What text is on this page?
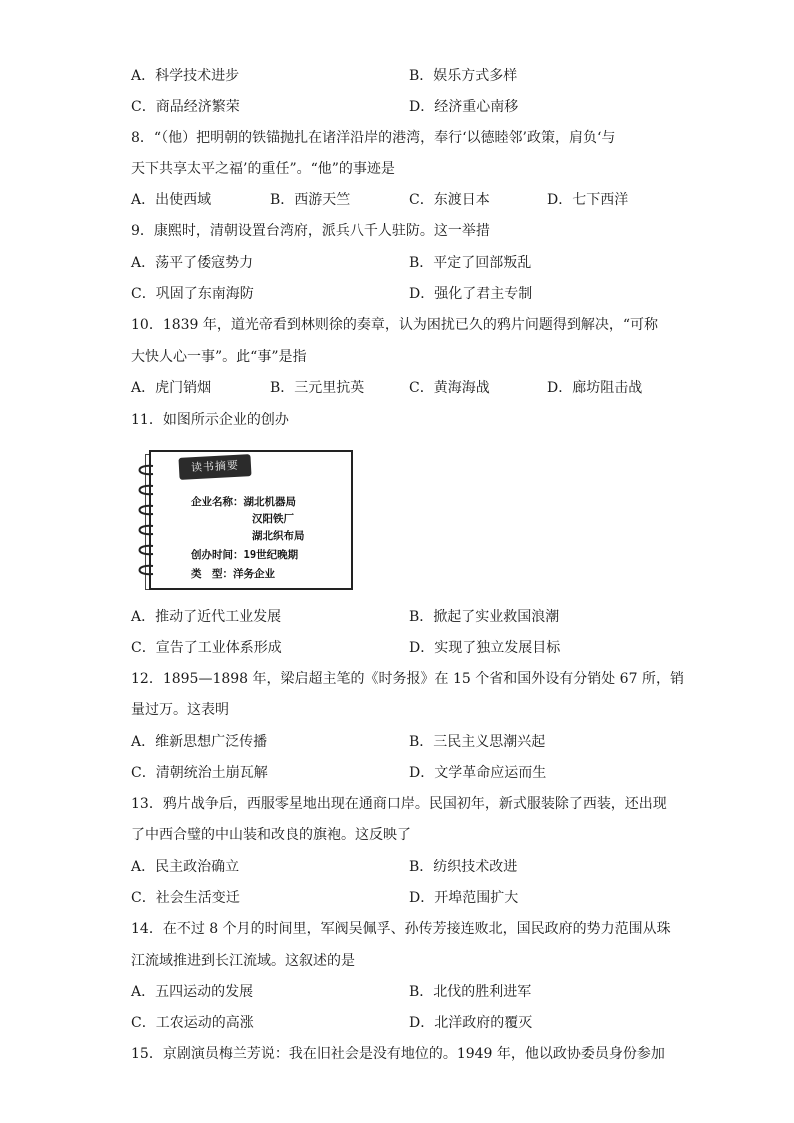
A．科学技术进步	B．娱乐方式多样
C．商品经济繁荣	D．经济重心南移
8．“（他）把明朝的铁锚抛扎在诸洋沿岸的港湾，奉行‘以德睦邻’政策，肩负‘与
天下共享太平之福’的重任”。“他”的事迹是
A．出使西域	B．西游天竺	C．东渡日本	D．七下西洋
9．康熙时，清朝设置台湾府，派兵八千人驻防。这一举措
A．荡平了倭寇势力	B．平定了回部叛乱
C．巩固了东南海防	D．强化了君主专制
10．1839 年，道光帝看到林则徐的奏章，认为困扰已久的鸦片问题得到解决，“可称
大快人心一事”。此“事”是指
A．虎门销烟	B．三元里抗英	C．黄海海战	D．廊坊阻击战
11．如图所示企业的创办
读书摘要
企业名称：湖北机器局
汉阳铁厂
湖北织布局
创办时间：19世纪晚期
类　型：洋务企业
A．推动了近代工业发展	B．掀起了实业救国浪潮
C．宣告了工业体系形成	D．实现了独立发展目标
12．1895—1898 年，梁启超主笔的《时务报》在 15 个省和国外设有分销处 67 所，销
量过万。这表明
A．维新思想广泛传播	B．三民主义思潮兴起
C．清朝统治土崩瓦解	D．文学革命应运而生
13．鸦片战争后，西服零星地出现在通商口岸。民国初年，新式服装除了西装，还出现
了中西合璧的中山装和改良的旗袍。这反映了
A．民主政治确立	B．纺织技术改进
C．社会生活变迁	D．开埠范围扩大
14．在不过 8 个月的时间里，军阀吴佩孚、孙传芳接连败北，国民政府的势力范围从珠
江流域推进到长江流域。这叙述的是
A．五四运动的发展	B．北伐的胜利进军
C．工农运动的高涨	D．北洋政府的覆灭
15．京剧演员梅兰芳说：我在旧社会是没有地位的。1949 年，他以政协委员身份参加
